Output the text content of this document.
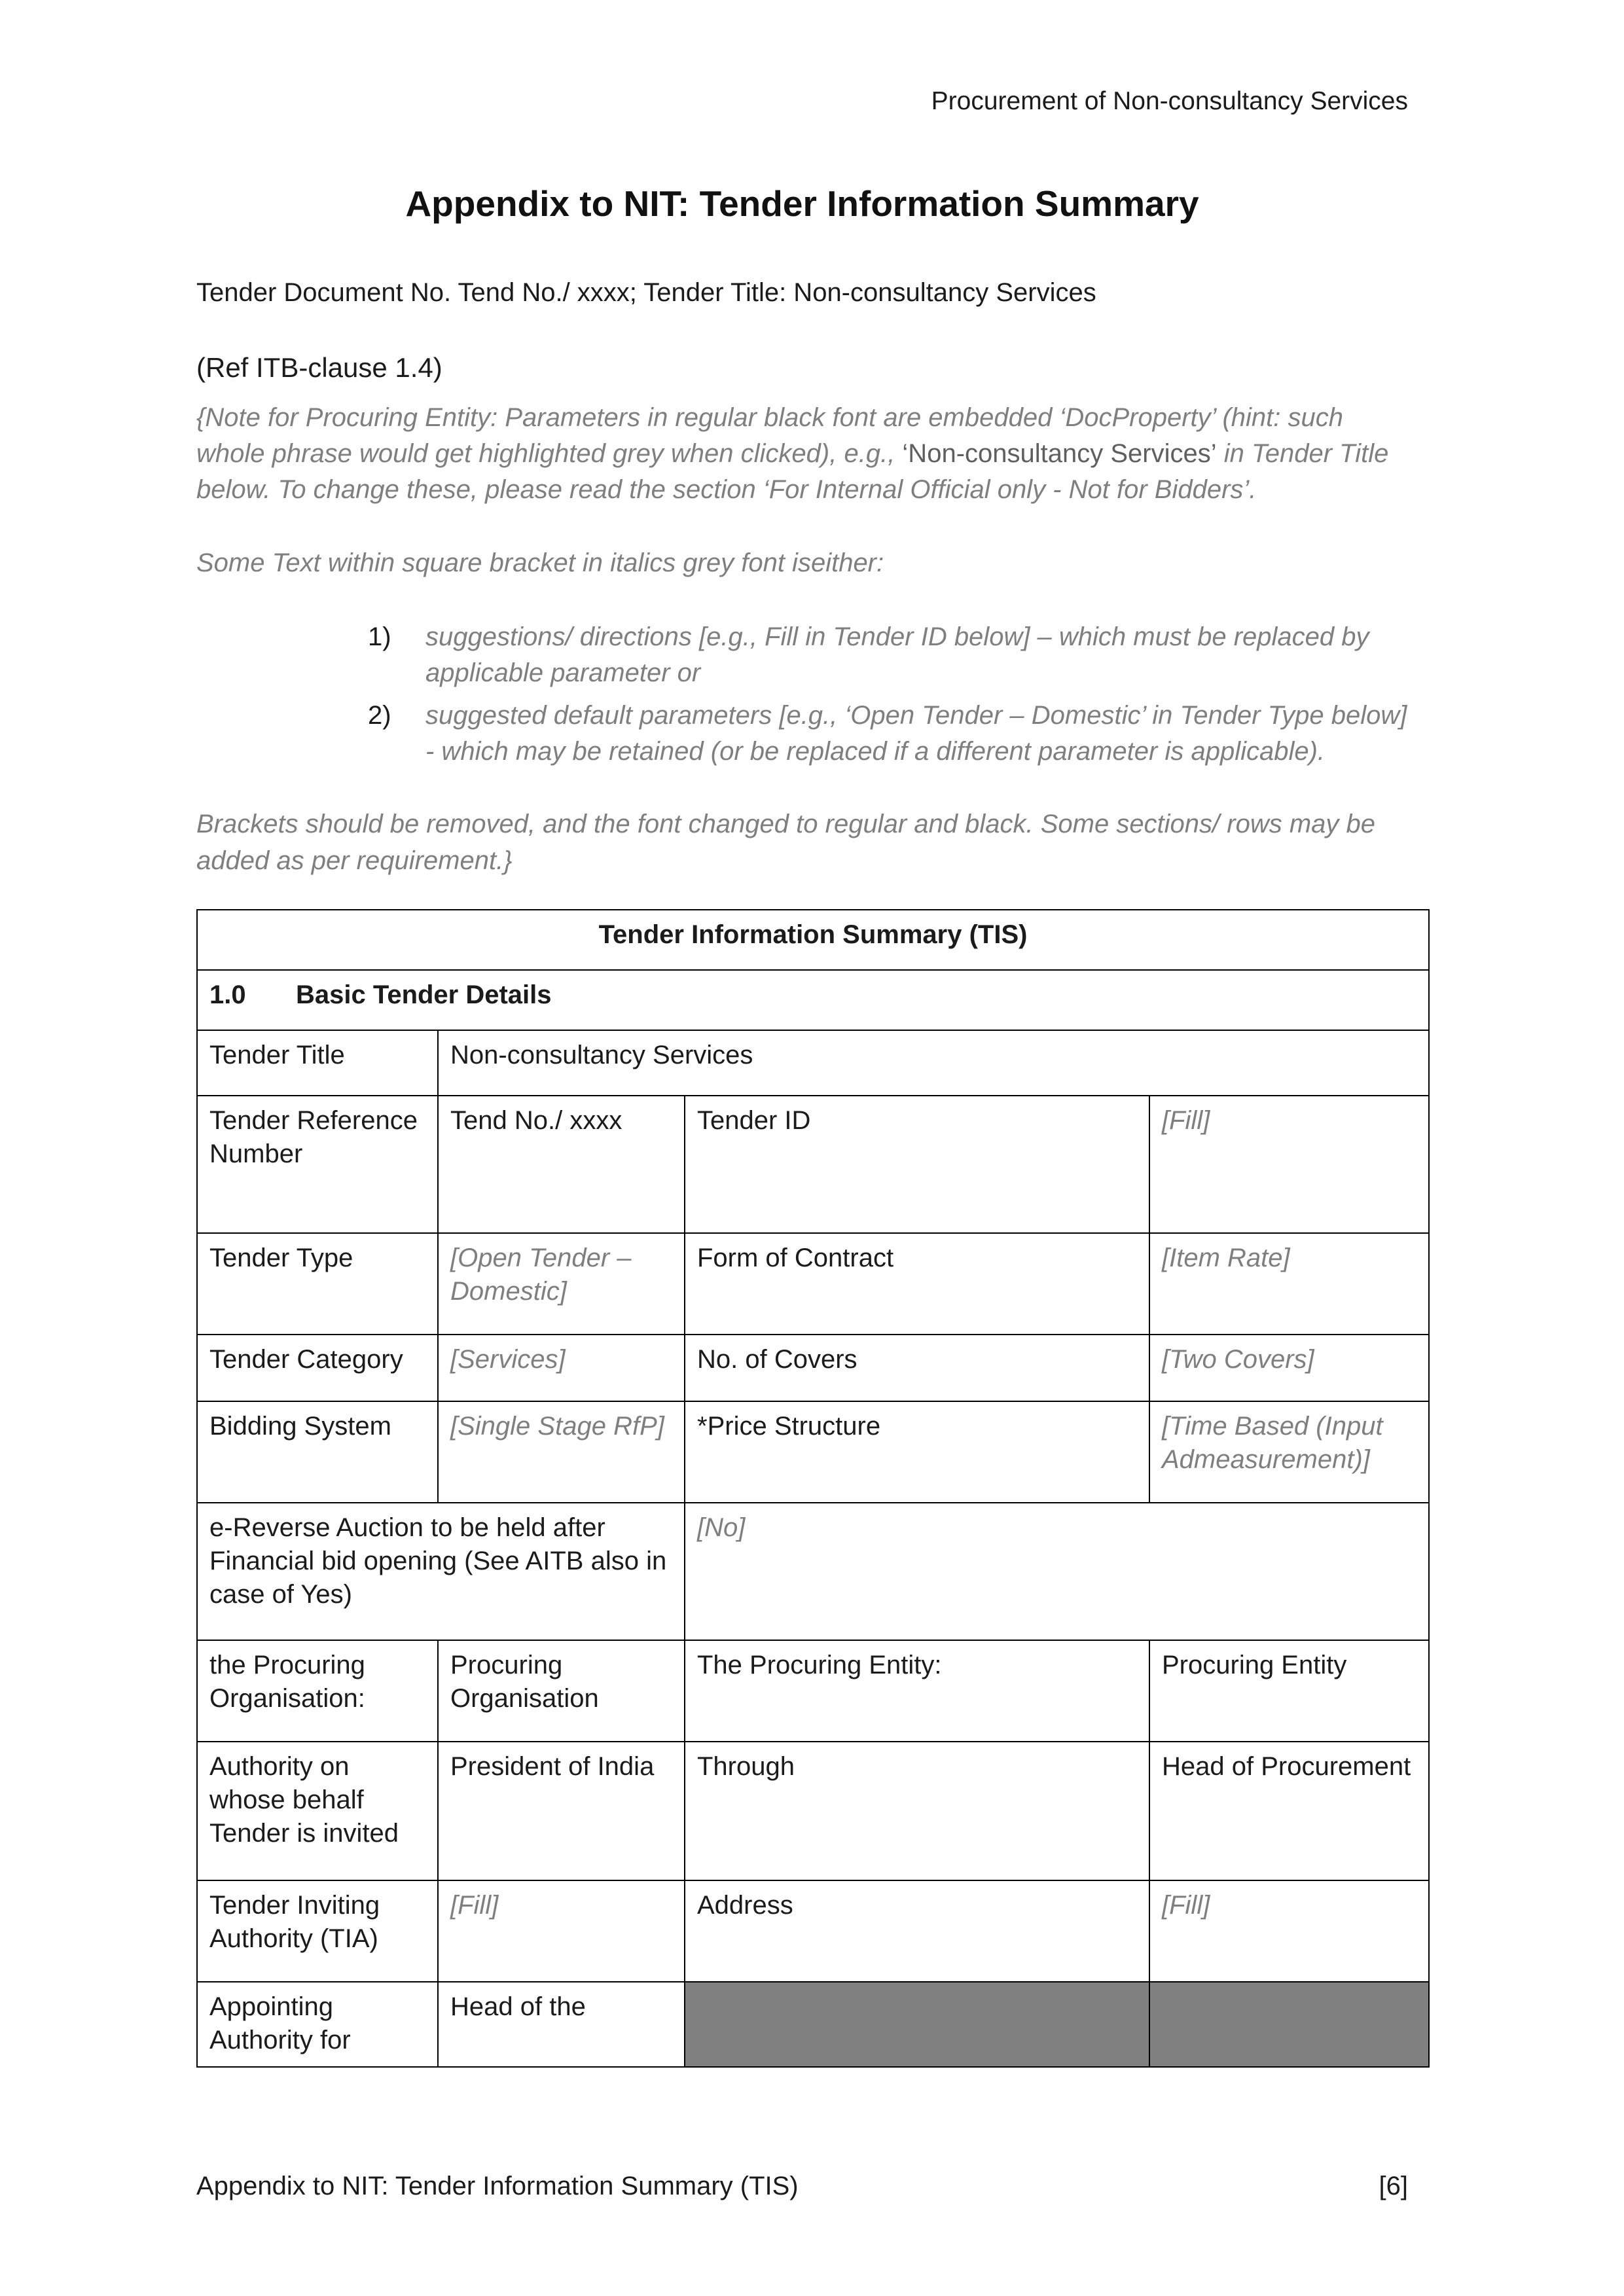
Procurement of Non-consultancy Services
Appendix to NIT: Tender Information Summary

Tender Document No. Tend No./ xxxx; Tender Title: Non-consultancy Services

(Ref ITB-clause 1.4)

{Note for Procuring Entity: Parameters in regular black font are embedded ‘DocProperty’ (hint: such whole phrase would get highlighted grey when clicked), e.g., ‘Non-consultancy Services’ in Tender Title below. To change these, please read the section ‘For Internal Official only - Not for Bidders’.

Some Text within square bracket in italics grey font iseither:

1)	suggestions/ directions [e.g., Fill in Tender ID below] – which must be replaced by applicable parameter or
2)	suggested default parameters [e.g., ‘Open Tender – Domestic’ in Tender Type below] - which may be retained (or be replaced if a different parameter is applicable).

Brackets should be removed, and the font changed to regular and black. Some sections/ rows may be added as per requirement.}

Tender Information Summary (TIS)			
1.0 Basic Tender Details			
Tender Title	Non-consultancy Services		
Tender Reference Number	Tend No./ xxxx	Tender ID	[Fill]
Tender Type	[Open Tender – Domestic]	Form of Contract	[Item Rate]
Tender Category	[Services]	No. of Covers	[Two Covers]
Bidding System	[Single Stage RfP]	*Price Structure	[Time Based (Input Admeasurement)]
e-Reverse Auction to be held after Financial bid opening (See AITB also in case of Yes)		[No]	
the Procuring Organisation:	Procuring Organisation	The Procuring Entity:	Procuring Entity
Authority on whose behalf Tender is invited	President of India	Through	Head of Procurement
Tender Inviting Authority (TIA)	[Fill]	Address	[Fill]
Appointing Authority for	Head of the		
Appendix to NIT: Tender Information Summary (TIS)	[6]
